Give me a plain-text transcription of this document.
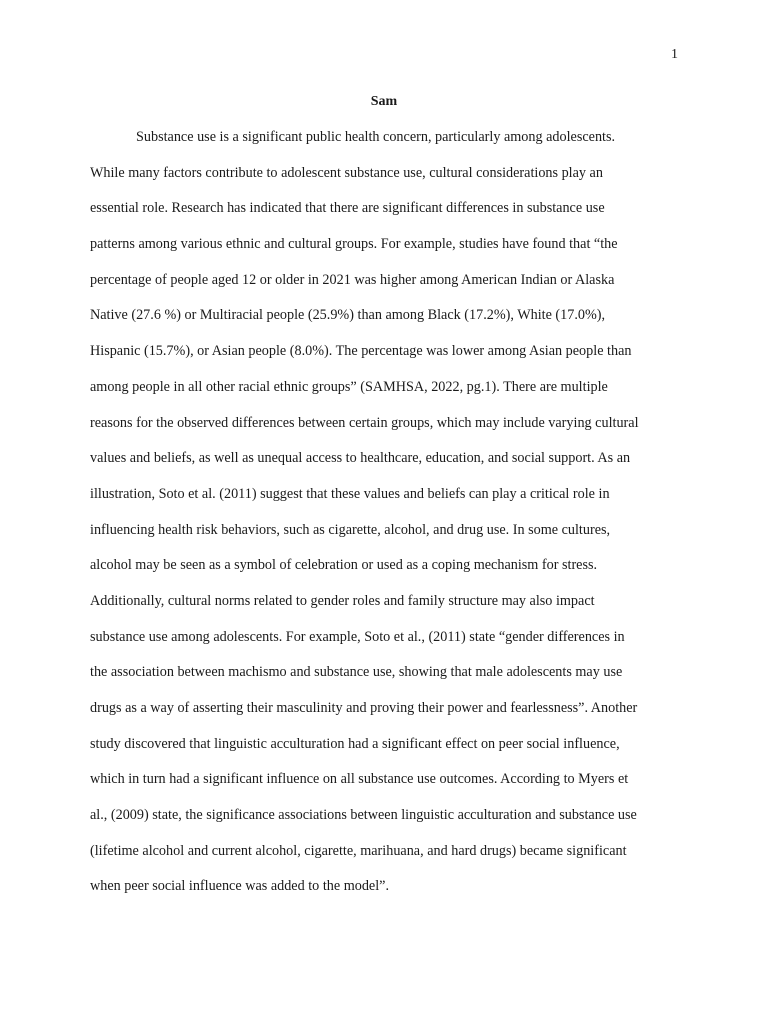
1
Sam
Substance use is a significant public health concern, particularly among adolescents.
While many factors contribute to adolescent substance use, cultural considerations play an
essential role. Research has indicated that there are significant differences in substance use
patterns among various ethnic and cultural groups. For example, studies have found that “the
percentage of people aged 12 or older in 2021 was higher among American Indian or Alaska
Native (27.6 %) or Multiracial people (25.9%) than among Black (17.2%), White (17.0%),
Hispanic (15.7%), or Asian people (8.0%). The percentage was lower among Asian people than
among people in all other racial ethnic groups” (SAMHSA, 2022, pg.1). There are multiple
reasons for the observed differences between certain groups, which may include varying cultural
values and beliefs, as well as unequal access to healthcare, education, and social support. As an
illustration, Soto et al. (2011) suggest that these values and beliefs can play a critical role in
influencing health risk behaviors, such as cigarette, alcohol, and drug use. In some cultures,
alcohol may be seen as a symbol of celebration or used as a coping mechanism for stress.
Additionally, cultural norms related to gender roles and family structure may also impact
substance use among adolescents. For example, Soto et al., (2011) state “gender differences in
the association between machismo and substance use, showing that male adolescents may use
drugs as a way of asserting their masculinity and proving their power and fearlessness”. Another
study discovered that linguistic acculturation had a significant effect on peer social influence,
which in turn had a significant influence on all substance use outcomes. According to Myers et
al., (2009) state, the significance associations between linguistic acculturation and substance use
(lifetime alcohol and current alcohol, cigarette, marihuana, and hard drugs) became significant
when peer social influence was added to the model”.
